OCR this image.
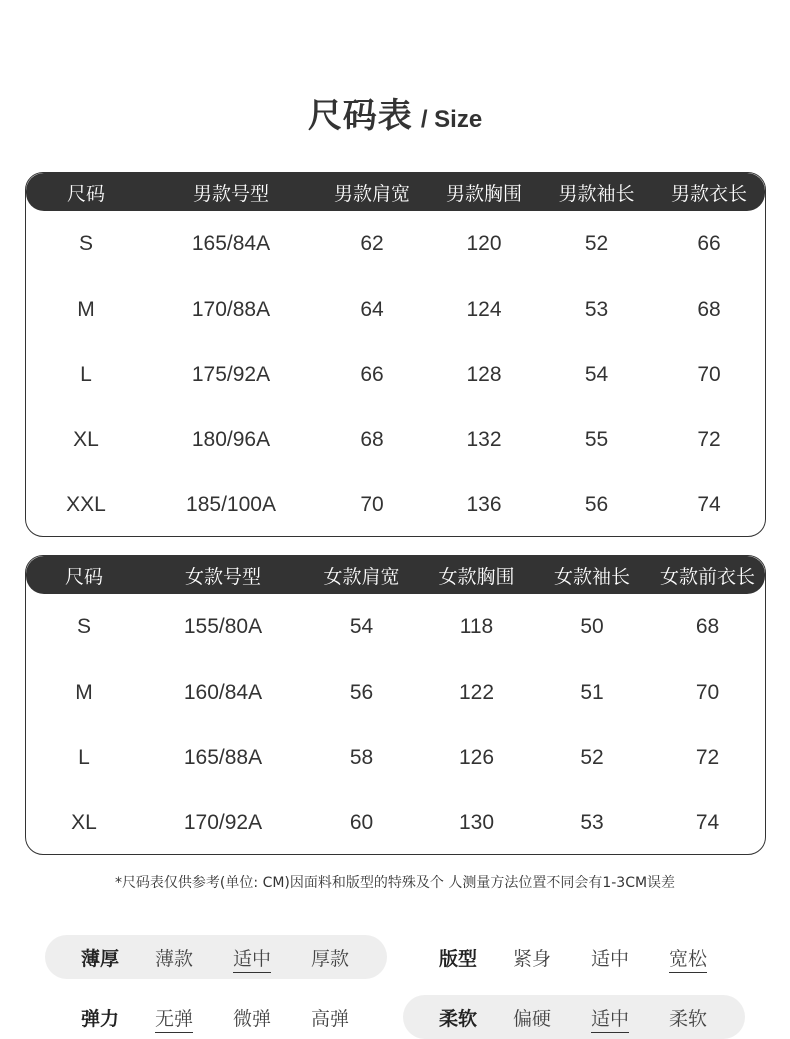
尺码表 / Size
尺码	男款号型	男款肩宽	男款胸围	男款袖长	男款衣长
S	165/84A	62	120	52	66
M	170/88A	64	124	53	68
L	175/92A	66	128	54	70
XL	180/96A	68	132	55	72
XXL	185/100A	70	136	56	74
尺码	女款号型	女款肩宽	女款胸围	女款袖长	女款前衣长
S	155/80A	54	118	50	68
M	160/84A	56	122	51	70
L	165/88A	58	126	52	72
XL	170/92A	60	130	53	74
*尺码表仅供参考(单位: CM)因面料和版型的特殊及个 人测量方法位置不同会有1-3CM误差
薄厚	薄款	适中	厚款	版型	紧身	适中	宽松
弹力	无弹	微弹	高弹	柔软	偏硬	适中	柔软
